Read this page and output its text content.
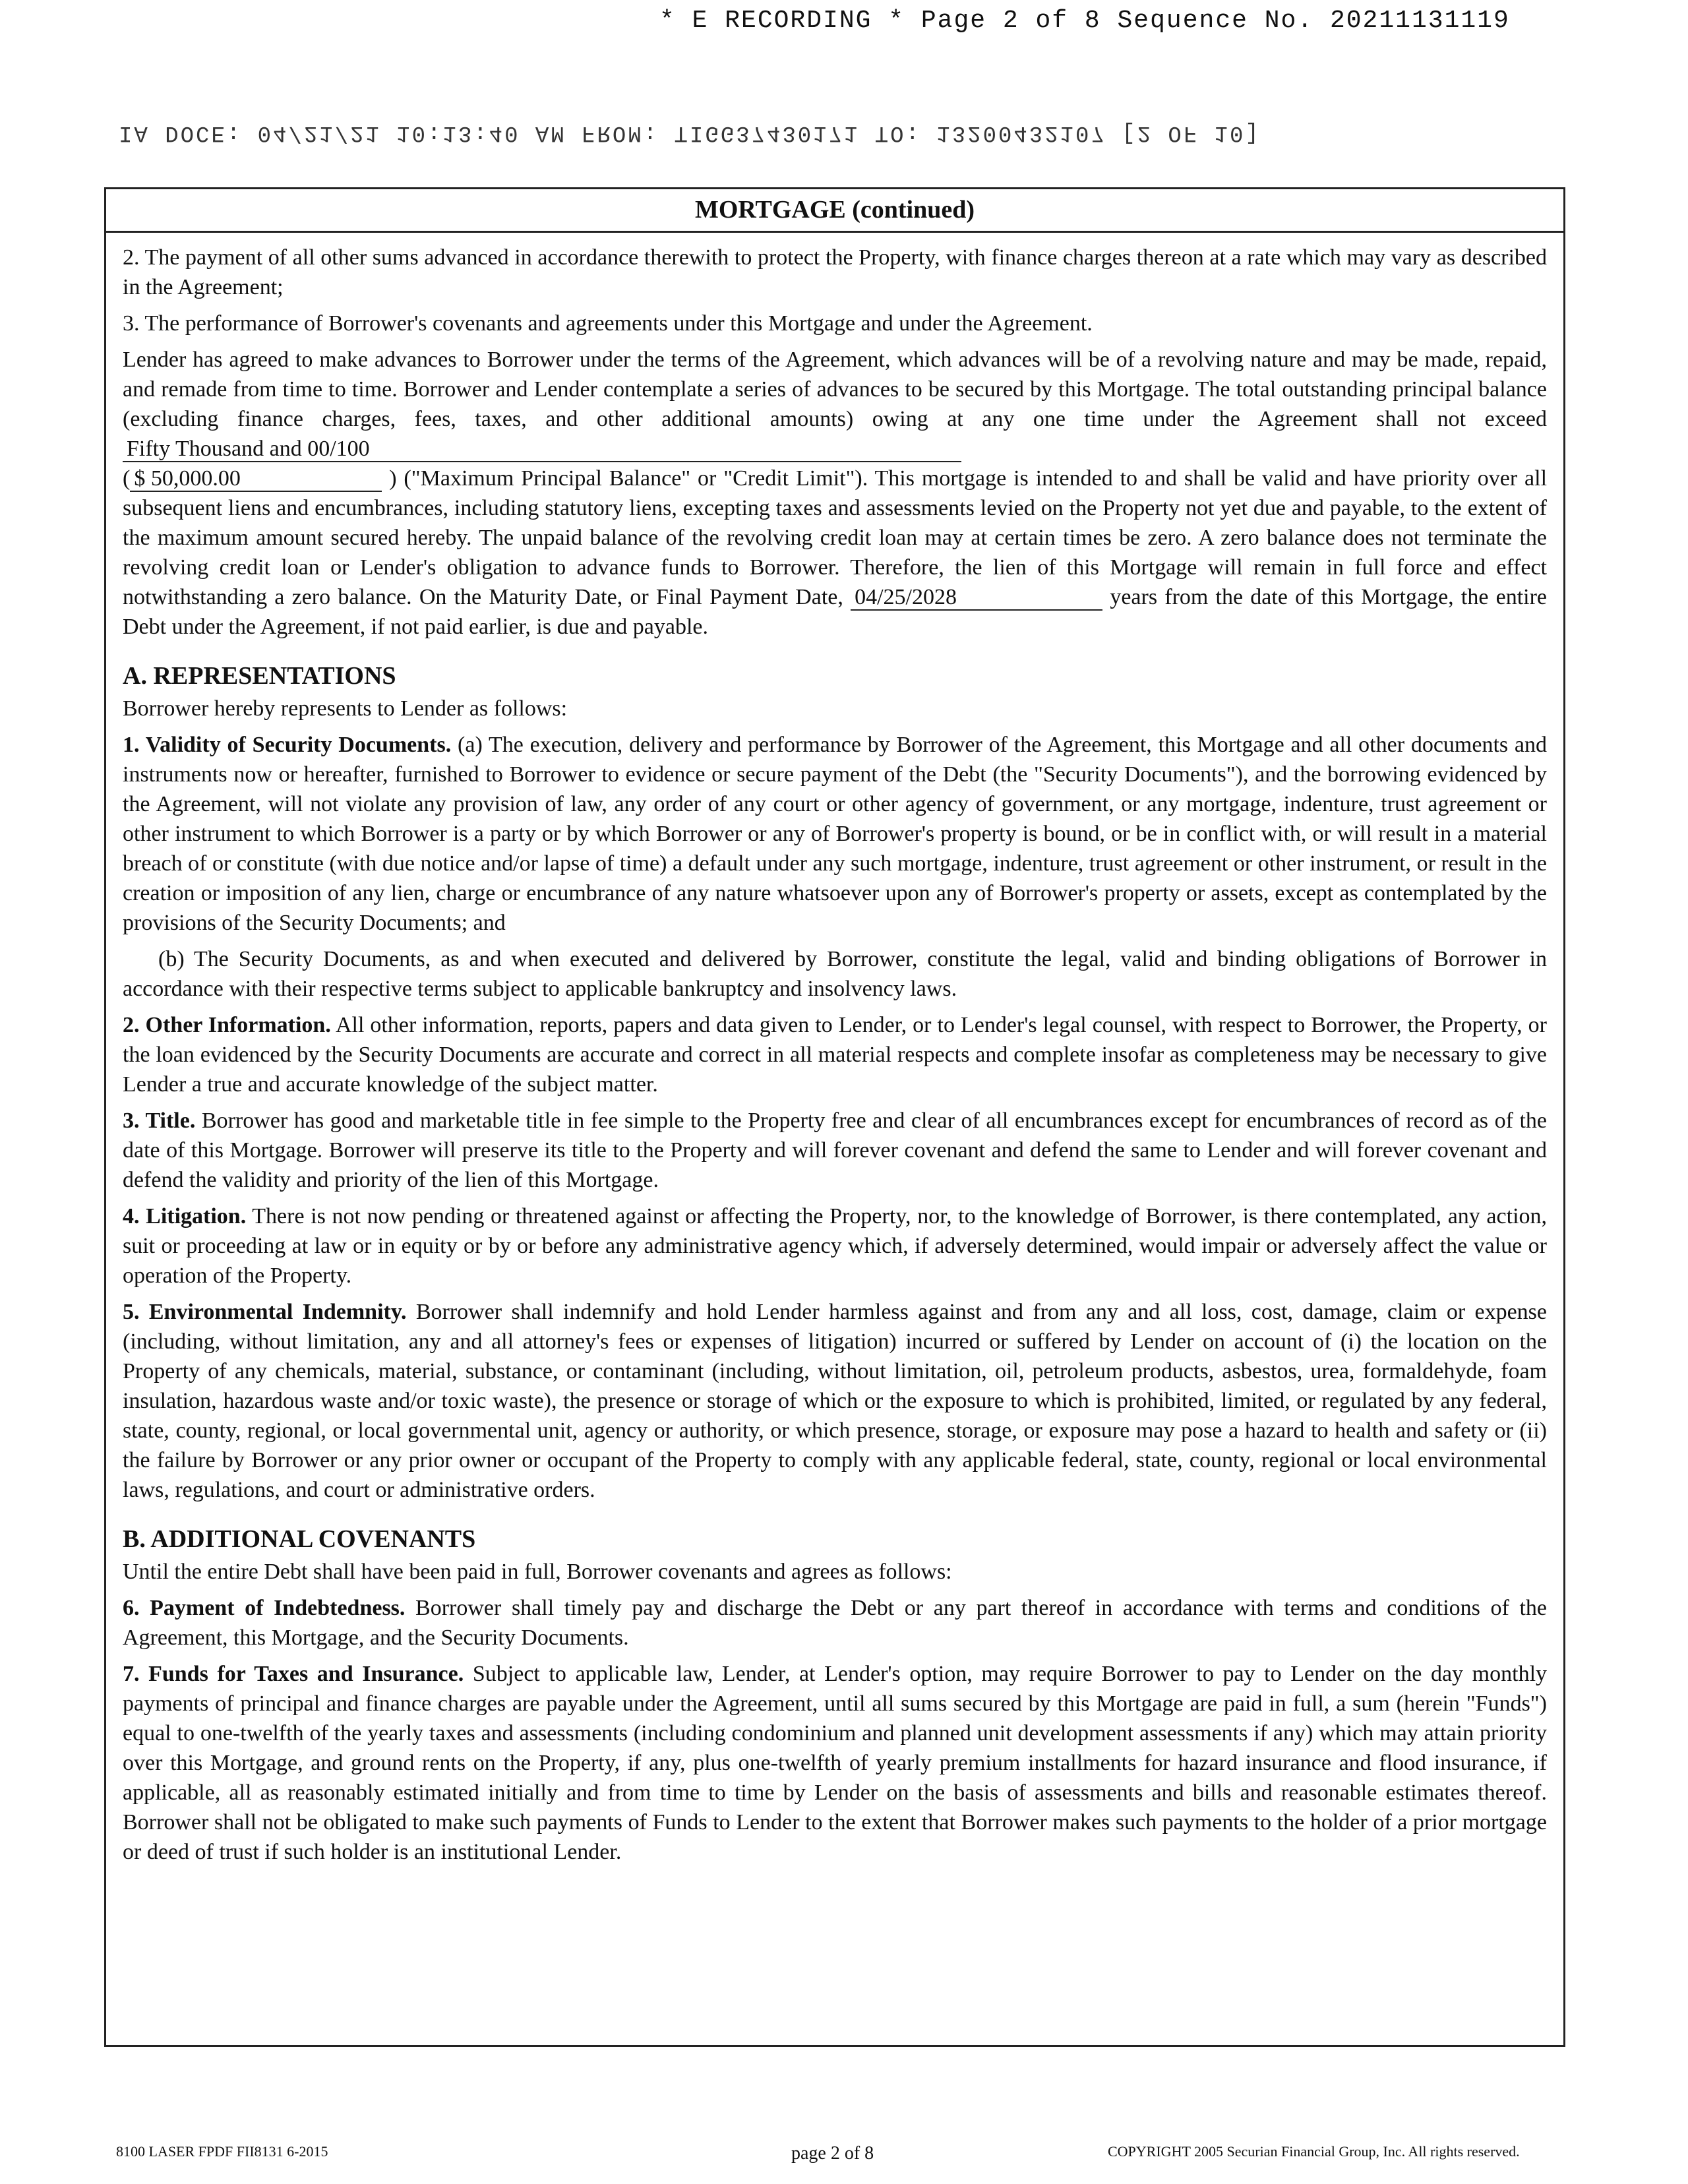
* E RECORDING * Page 2 of 8 Sequence No. 20211131119
IA DOCE: 04/21/21 10:13:40 AM FROM: TIGG37430171 TO: 13200432107 [2 OF 10]
MORTGAGE (continued)

2. The payment of all other sums advanced in accordance therewith to protect the Property, with finance charges thereon at a rate which may vary as described in the Agreement;

3. The performance of Borrower's covenants and agreements under this Mortgage and under the Agreement.

Lender has agreed to make advances to Borrower under the terms of the Agreement, which advances will be of a revolving nature and may be made, repaid, and remade from time to time. Borrower and Lender contemplate a series of advances to be secured by this Mortgage. The total outstanding principal balance (excluding finance charges, fees, taxes, and other additional amounts) owing at any one time under the Agreement shall not exceed Fifty Thousand and 00/100
( $ 50,000.00	) ("Maximum Principal Balance" or "Credit Limit"). This mortgage is intended to and shall be valid and have priority over all subsequent liens and encumbrances, including statutory liens, excepting taxes and assessments levied on the Property not yet due and payable, to the extent of the maximum amount secured hereby. The unpaid balance of the revolving credit loan may at certain times be zero. A zero balance does not terminate the revolving credit loan or Lender's obligation to advance funds to Borrower. Therefore, the lien of this Mortgage will remain in full force and effect notwithstanding a zero balance. On the Maturity Date, or Final Payment Date, 04/25/2028	years from the date of this Mortgage, the entire Debt under the Agreement, if not paid earlier, is due and payable.

A. REPRESENTATIONS

Borrower hereby represents to Lender as follows:

1. Validity of Security Documents. (a) The execution, delivery and performance by Borrower of the Agreement, this Mortgage and all other documents and instruments now or hereafter, furnished to Borrower to evidence or secure payment of the Debt (the "Security Documents"), and the borrowing evidenced by the Agreement, will not violate any provision of law, any order of any court or other agency of government, or any mortgage, indenture, trust agreement or other instrument to which Borrower is a party or by which Borrower or any of Borrower's property is bound, or be in conflict with, or will result in a material breach of or constitute (with due notice and/or lapse of time) a default under any such mortgage, indenture, trust agreement or other instrument, or result in the creation or imposition of any lien, charge or encumbrance of any nature whatsoever upon any of Borrower's property or assets, except as contemplated by the provisions of the Security Documents; and

(b) The Security Documents, as and when executed and delivered by Borrower, constitute the legal, valid and binding obligations of Borrower in accordance with their respective terms subject to applicable bankruptcy and insolvency laws.

2. Other Information. All other information, reports, papers and data given to Lender, or to Lender's legal counsel, with respect to Borrower, the Property, or the loan evidenced by the Security Documents are accurate and correct in all material respects and complete insofar as completeness may be necessary to give Lender a true and accurate knowledge of the subject matter.

3. Title. Borrower has good and marketable title in fee simple to the Property free and clear of all encumbrances except for encumbrances of record as of the date of this Mortgage. Borrower will preserve its title to the Property and will forever covenant and defend the same to Lender and will forever covenant and defend the validity and priority of the lien of this Mortgage.

4. Litigation. There is not now pending or threatened against or affecting the Property, nor, to the knowledge of Borrower, is there contemplated, any action, suit or proceeding at law or in equity or by or before any administrative agency which, if adversely determined, would impair or adversely affect the value or operation of the Property.

5. Environmental Indemnity. Borrower shall indemnify and hold Lender harmless against and from any and all loss, cost, damage, claim or expense (including, without limitation, any and all attorney's fees or expenses of litigation) incurred or suffered by Lender on account of (i) the location on the Property of any chemicals, material, substance, or contaminant (including, without limitation, oil, petroleum products, asbestos, urea, formaldehyde, foam insulation, hazardous waste and/or toxic waste), the presence or storage of which or the exposure to which is prohibited, limited, or regulated by any federal, state, county, regional, or local governmental unit, agency or authority, or which presence, storage, or exposure may pose a hazard to health and safety or (ii) the failure by Borrower or any prior owner or occupant of the Property to comply with any applicable federal, state, county, regional or local environmental laws, regulations, and court or administrative orders.

B. ADDITIONAL COVENANTS

Until the entire Debt shall have been paid in full, Borrower covenants and agrees as follows:

6. Payment of Indebtedness. Borrower shall timely pay and discharge the Debt or any part thereof in accordance with terms and conditions of the Agreement, this Mortgage, and the Security Documents.

7. Funds for Taxes and Insurance. Subject to applicable law, Lender, at Lender's option, may require Borrower to pay to Lender on the day monthly payments of principal and finance charges are payable under the Agreement, until all sums secured by this Mortgage are paid in full, a sum (herein "Funds") equal to one-twelfth of the yearly taxes and assessments (including condominium and planned unit development assessments if any) which may attain priority over this Mortgage, and ground rents on the Property, if any, plus one-twelfth of yearly premium installments for hazard insurance and flood insurance, if applicable, all as reasonably estimated initially and from time to time by Lender on the basis of assessments and bills and reasonable estimates thereof. Borrower shall not be obligated to make such payments of Funds to Lender to the extent that Borrower makes such payments to the holder of a prior mortgage or deed of trust if such holder is an institutional Lender.

8100 LASER FPDF FII8131 6-2015	page 2 of 8	COPYRIGHT 2005 Securian Financial Group, Inc. All rights reserved.
